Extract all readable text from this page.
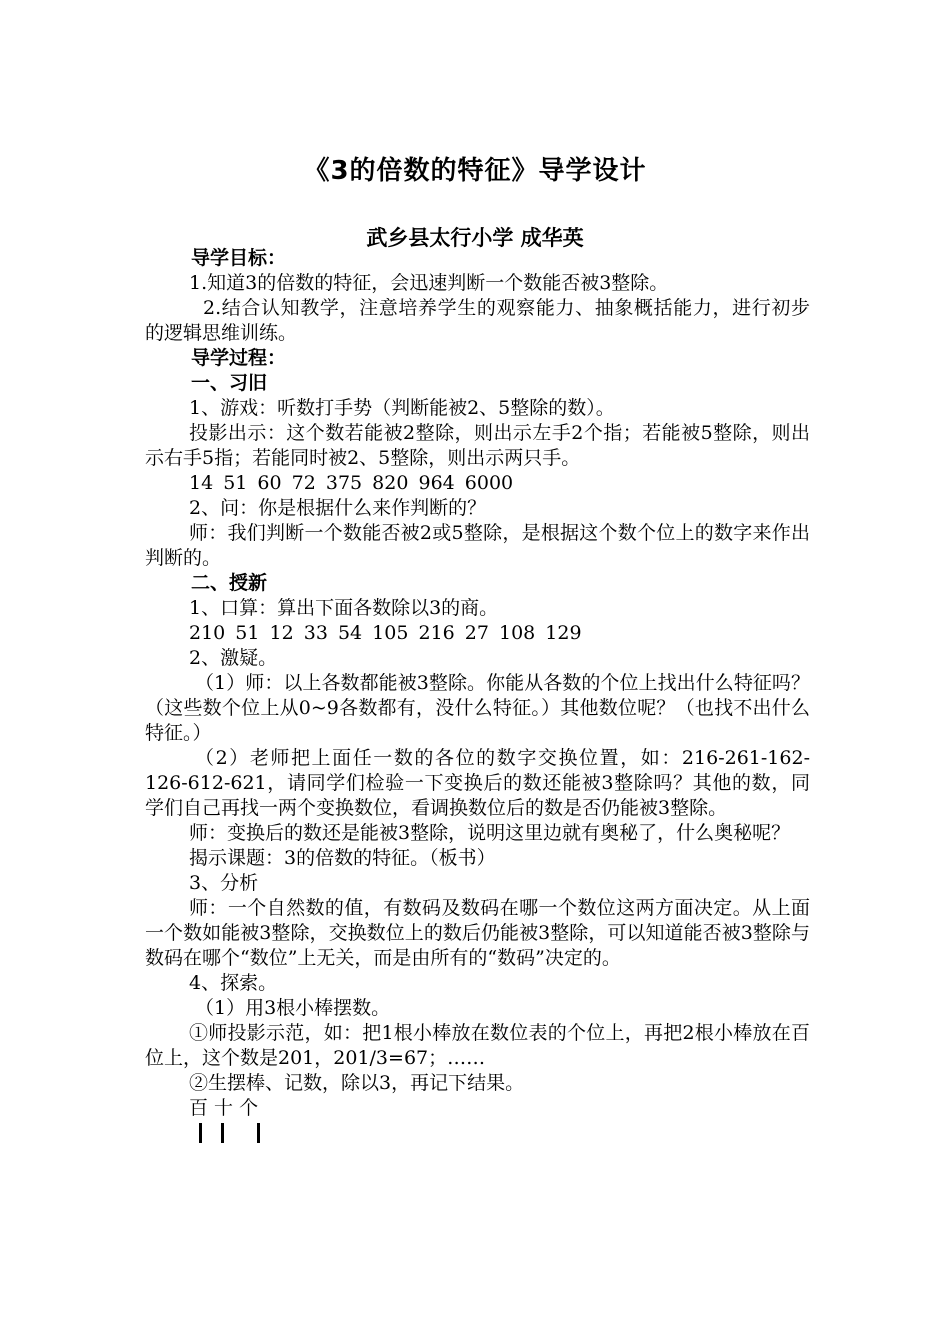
《3的倍数的特征》导学设计
武乡县太行小学 成华英

导学目标：

1.知道3的倍数的特征，会迅速判断一个数能否被3整除。

2.结合认知教学，注意培养学生的观察能力、抽象概括能力，进行初步的逻辑思维训练。

导学过程：

一、习旧

1、游戏：听数打手势（判断能被2、5整除的数）。

投影出示：这个数若能被2整除，则出示左手2个指；若能被5整除，则出示右手5指；若能同时被2、5整除，则出示两只手。

14 51 60 72 375 820 964 6000

2、问：你是根据什么来作判断的？

师：我们判断一个数能否被2或5整除，是根据这个数个位上的数字来作出判断的。

二、授新

1、口算：算出下面各数除以3的商。

210 51 12 33 54 105 216 27 108 129

2、激疑。

（1）师：以上各数都能被3整除。你能从各数的个位上找出什么特征吗？（这些数个位上从0~9各数都有，没什么特征。）其他数位呢？（也找不出什么特征。）

（2）老师把上面任一数的各位的数字交换位置，如：216-261-162-126-612-621，请同学们检验一下变换后的数还能被3整除吗？其他的数，同学们自己再找一两个变换数位，看调换数位后的数是否仍能被3整除。

师：变换后的数还是能被3整除，说明这里边就有奥秘了，什么奥秘呢？

揭示课题：3的倍数的特征。（板书）

3、分析

师：一个自然数的值，有数码及数码在哪一个数位这两方面决定。从上面一个数如能被3整除，交换数位上的数后仍能被3整除，可以知道能否被3整除与数码在哪个“数位”上无关，而是由所有的“数码”决定的。

4、探索。

（1）用3根小棒摆数。

①师投影示范，如：把1根小棒放在数位表的个位上，再把2根小棒放在百位上，这个数是201，201/3=67；……

②生摆棒、记数，除以3，再记下结果。

百 十 个
